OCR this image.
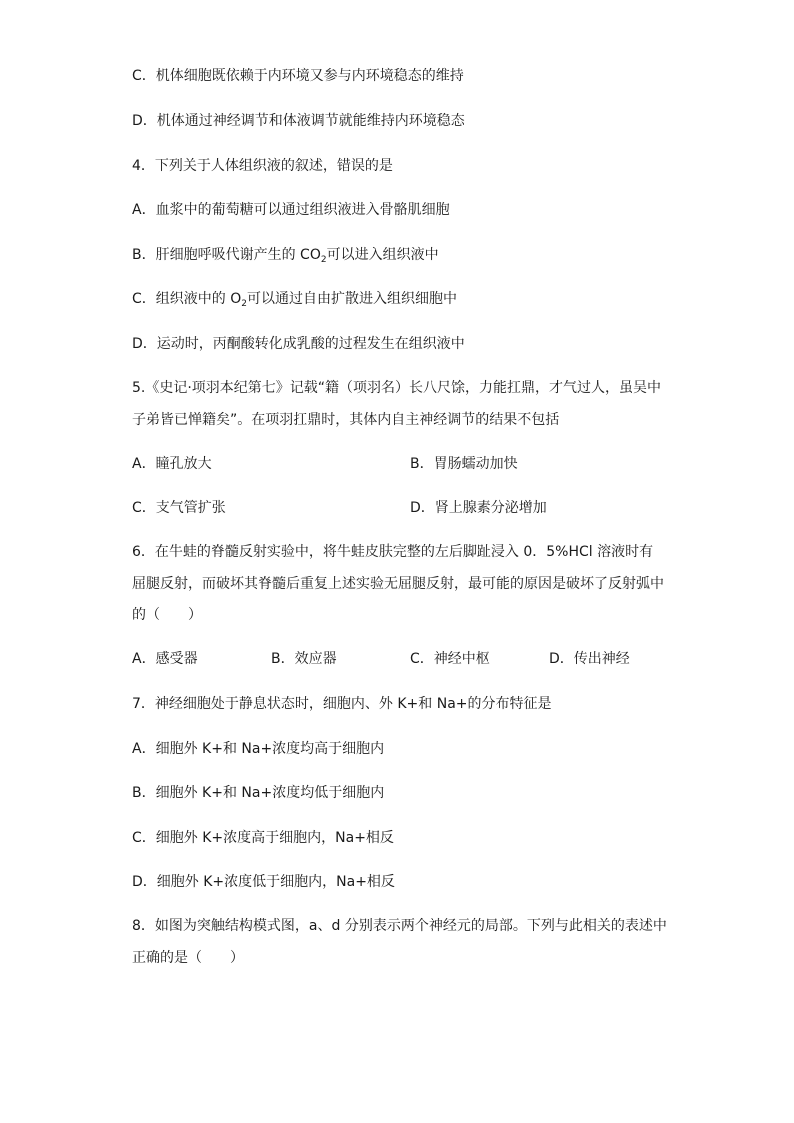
C．机体细胞既依赖于内环境又参与内环境稳态的维持
D．机体通过神经调节和体液调节就能维持内环境稳态
4．下列关于人体组织液的叙述，错误的是
A．血浆中的葡萄糖可以通过组织液进入骨骼肌细胞
B．肝细胞呼吸代谢产生的 $CO_2$可以进入组织液中
C．组织液中的 $O_2$可以通过自由扩散进入组织细胞中
D．运动时，丙酮酸转化成乳酸的过程发生在组织液中
5.《史记·项羽本纪第七》记载“籍（项羽名）长八尺馀，力能扛鼎，才气过人，虽吴中
子弟皆已惮籍矣”。在项羽扛鼎时，其体内自主神经调节的结果不包括
A．瞳孔放大	B．胃肠蠕动加快
C．支气管扩张	D．肾上腺素分泌增加
6．在牛蛙的脊髓反射实验中，将牛蛙皮肤完整的左后脚趾浸入 0．5%HCl 溶液时有
屈腿反射，而破坏其脊髓后重复上述实验无屈腿反射，最可能的原因是破坏了反射弧中
的（　　）
A．感受器	B．效应器	C．神经中枢	D．传出神经
7．神经细胞处于静息状态时，细胞内、外 K+和 Na+的分布特征是
A．细胞外 K+和 Na+浓度均高于细胞内
B．细胞外 K+和 Na+浓度均低于细胞内
C．细胞外 K+浓度高于细胞内，Na+相反
D．细胞外 K+浓度低于细胞内，Na+相反
8．如图为突触结构模式图，a、d 分别表示两个神经元的局部。下列与此相关的表述中
正确的是（　　）
